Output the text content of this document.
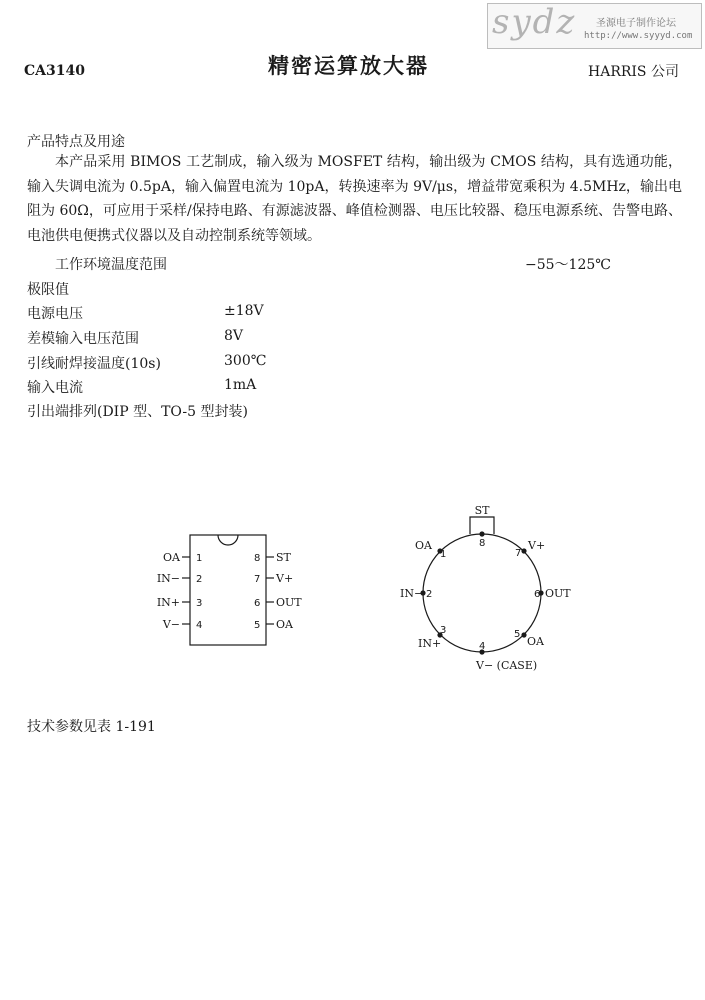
sydz 圣源电子制作论坛
http://www.syyyd.com
CA3140	精密运算放大器	HARRIS 公司
产品特点及用途
本产品采用 BIMOS 工艺制成，输入级为 MOSFET 结构，输出级为 CMOS 结构，具有选通功能，输入失调电流为 0.5pA，输入偏置电流为 10pA，转换速率为 9V/μs，增益带宽乘积为 4.5MHz，输出电阻为 60Ω，可应用于采样/保持电路、有源滤波器、峰值检测器、电压比较器、稳压电源系统、告警电路、电池供电便携式仪器以及自动控制系统等领域。
工作环境温度范围	−55～125℃
极限值
电源电压	±18V
差模输入电压范围	8V
引线耐焊接温度(10s)	300℃
输入电流	1mA
引出端排列(DIP 型、TO-5 型封装)
OA 1
IN− 2
IN+ 3
V− 4
8 ST
7 V+
6 OUT
5 OA
ST
8
7
V+
6 OUT
5
OA
4
3
IN+
2
IN−
1
OA
V− (CASE)
技术参数见表 1-191
